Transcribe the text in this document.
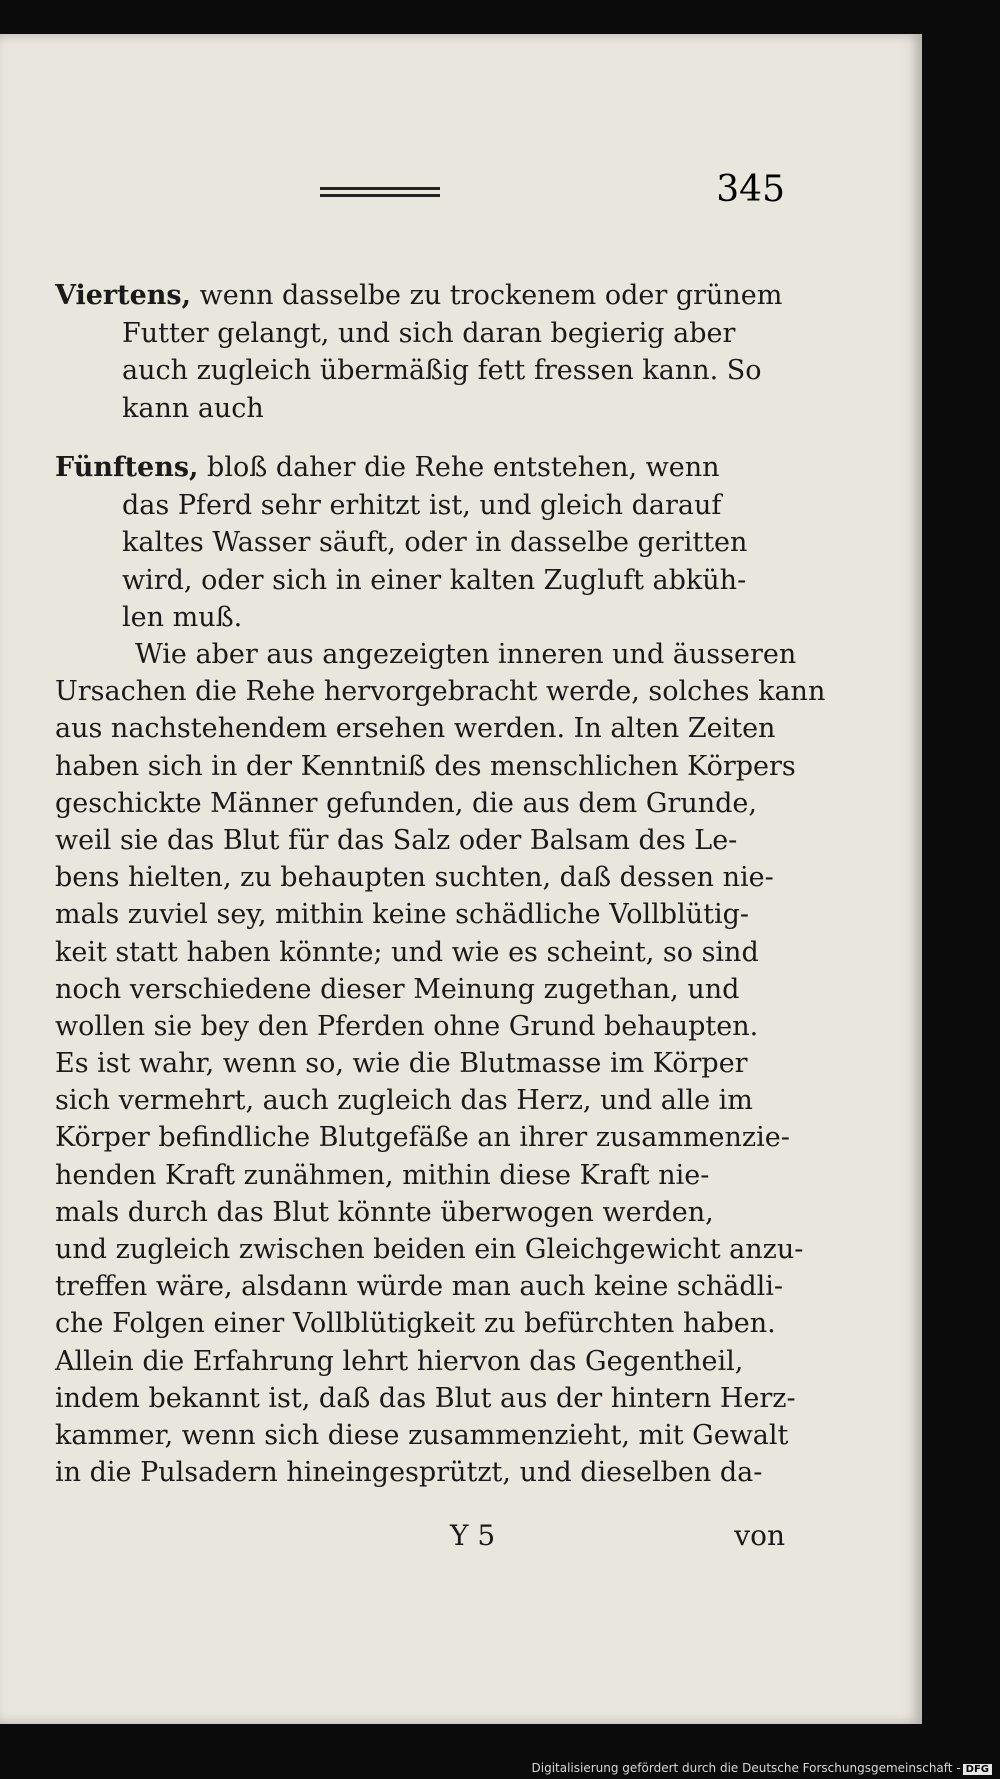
345
Viertens, wenn dasselbe zu trockenem oder grünem
Futter gelangt, und sich daran begierig aber
auch zugleich übermäßig fett fressen kann. So
kann auch
Fünftens, bloß daher die Rehe entstehen, wenn
das Pferd sehr erhitzt ist, und gleich darauf
kaltes Wasser säuft, oder in dasselbe geritten
wird, oder sich in einer kalten Zugluft abküh-
len muß.
Wie aber aus angezeigten inneren und äusseren
Ursachen die Rehe hervorgebracht werde, solches kann
aus nachstehendem ersehen werden. In alten Zeiten
haben sich in der Kenntniß des menschlichen Körpers
geschickte Männer gefunden, die aus dem Grunde,
weil sie das Blut für das Salz oder Balsam des Le-
bens hielten, zu behaupten suchten, daß dessen nie-
mals zuviel sey, mithin keine schädliche Vollblütig-
keit statt haben könnte; und wie es scheint, so sind
noch verschiedene dieser Meinung zugethan, und
wollen sie bey den Pferden ohne Grund behaupten.
Es ist wahr, wenn so, wie die Blutmasse im Körper
sich vermehrt, auch zugleich das Herz, und alle im
Körper befindliche Blutgefäße an ihrer zusammenzie-
henden Kraft zunähmen, mithin diese Kraft nie-
mals durch das Blut könnte überwogen werden,
und zugleich zwischen beiden ein Gleichgewicht anzu-
treffen wäre, alsdann würde man auch keine schädli-
che Folgen einer Vollblütigkeit zu befürchten haben.
Allein die Erfahrung lehrt hiervon das Gegentheil,
indem bekannt ist, daß das Blut aus der hintern Herz-
kammer, wenn sich diese zusammenzieht, mit Gewalt
in die Pulsadern hineingesprützt, und dieselben da-
Y 5	von
Digitalisierung gefördert durch die Deutsche Forschungsgemeinschaft - DFG
